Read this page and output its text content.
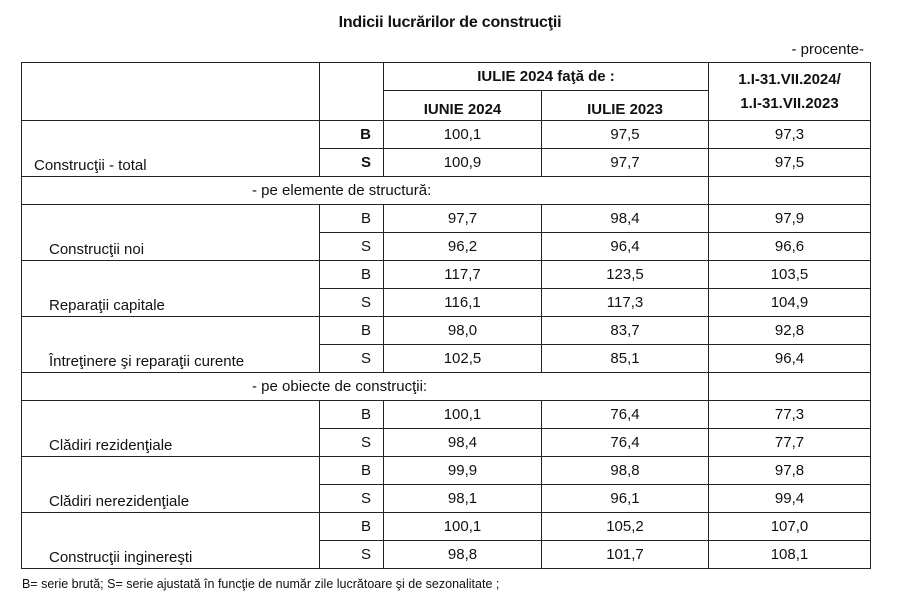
Indicii lucrărilor de construcţii
- procente-
		IULIE 2024 faţă de :		1.I-31.VII.2024/
1.I-31.VII.2023

		IUNIE 2024	IULIE 2023	
Construcţii - total	B	100,1	97,5	97,3
	S	100,9	97,7	97,5
- pe elemente de structură:				
Construcţii noi	B	97,7	98,4	97,9
	S	96,2	96,4	96,6
Reparaţii capitale	B	117,7	123,5	103,5
	S	116,1	117,3	104,9
Întreţinere şi reparaţii curente	B	98,0	83,7	92,8
	S	102,5	85,1	96,4
- pe obiecte de construcţii:				
Clădiri rezidenţiale	B	100,1	76,4	77,3
	S	98,4	76,4	77,7
Clădiri nerezidenţiale	B	99,9	98,8	97,8
	S	98,1	96,1	99,4
Construcţii inginereşti	B	100,1	105,2	107,0
	S	98,8	101,7	108,1
B= serie brută; S= serie ajustată în funcţie de număr zile lucrătoare şi de sezonalitate ;
